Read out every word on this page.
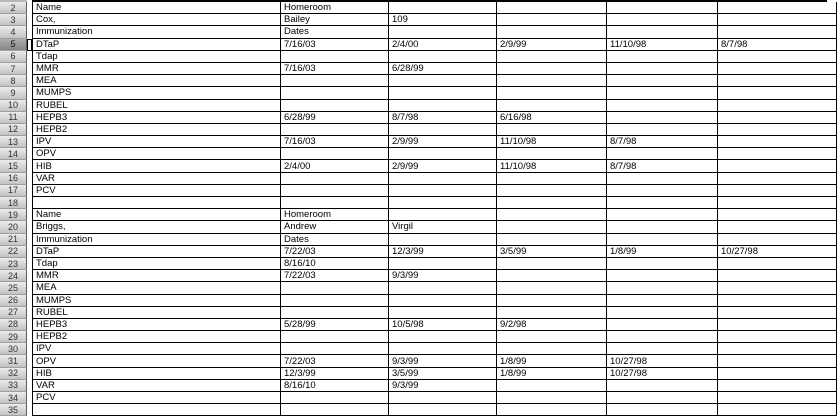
2	Name	Homeroom
3	Cox,	Bailey	109
4	Immunization	Dates
5	DTaP	7/16/03	2/4/00	2/9/99	11/10/98	8/7/98
6	Tdap
7	MMR	7/16/03	6/28/99
8	MEA
9	MUMPS
10	RUBEL
11	HEPB3	6/28/99	8/7/98	6/16/98
12	HEPB2
13	IPV	7/16/03	2/9/99	11/10/98	8/7/98
14	OPV
15	HIB	2/4/00	2/9/99	11/10/98	8/7/98
16	VAR
17	PCV
18
19	Name	Homeroom
20	Briggs,	Andrew	Virgil
21	Immunization	Dates
22	DTaP	7/22/03	12/3/99	3/5/99	1/8/99	10/27/98
23	Tdap	8/16/10
24	MMR	7/22/03	9/3/99
25	MEA
26	MUMPS
27	RUBEL
28	HEPB3	5/28/99	10/5/98	9/2/98
29	HEPB2
30	IPV
31	OPV	7/22/03	9/3/99	1/8/99	10/27/98
32	HIB	12/3/99	3/5/99	1/8/99	10/27/98
33	VAR	8/16/10	9/3/99
34	PCV
35
